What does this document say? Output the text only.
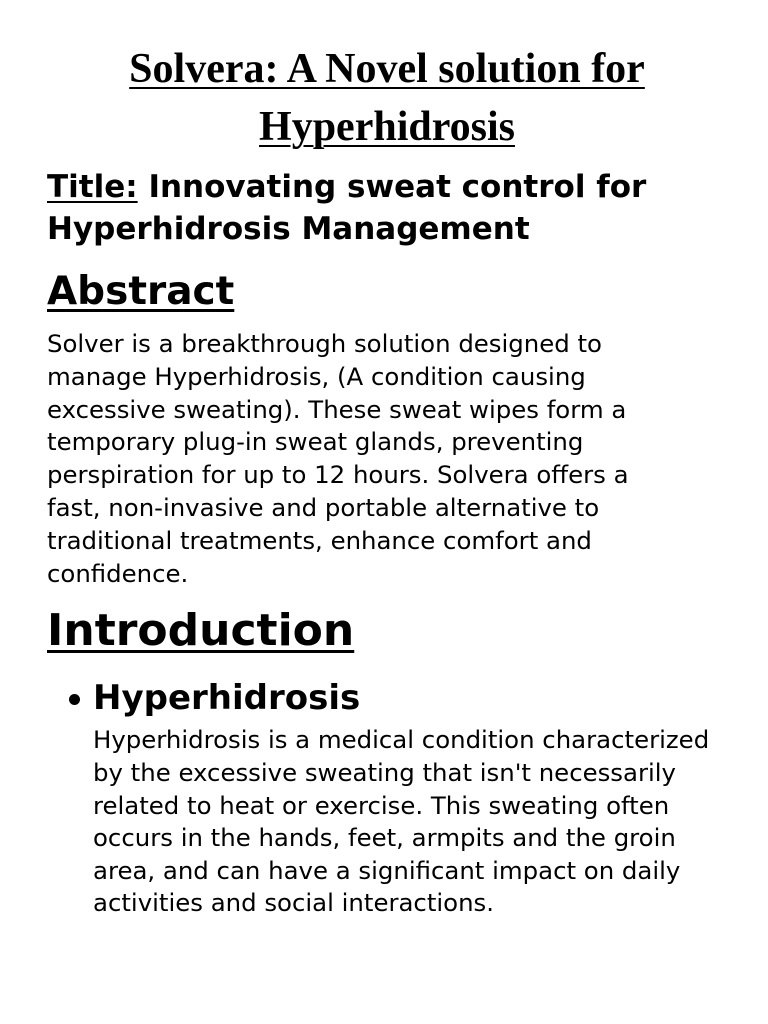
Solvera: A Novel solution for Hyperhidrosis
Title: Innovating sweat control for Hyperhidrosis Management
Abstract

Solver is a breakthrough solution designed to manage Hyperhidrosis, (A condition causing excessive sweating). These sweat wipes form a temporary plug-in sweat glands, preventing perspiration for up to 12 hours. Solvera offers a fast, non-invasive and portable alternative to traditional treatments, enhance comfort and confidence.

Introduction
Hyperhidrosis

Hyperhidrosis is a medical condition characterized by the excessive sweating that isn't necessarily related to heat or exercise. This sweating often occurs in the hands, feet, armpits and the groin area, and can have a significant impact on daily activities and social interactions.
